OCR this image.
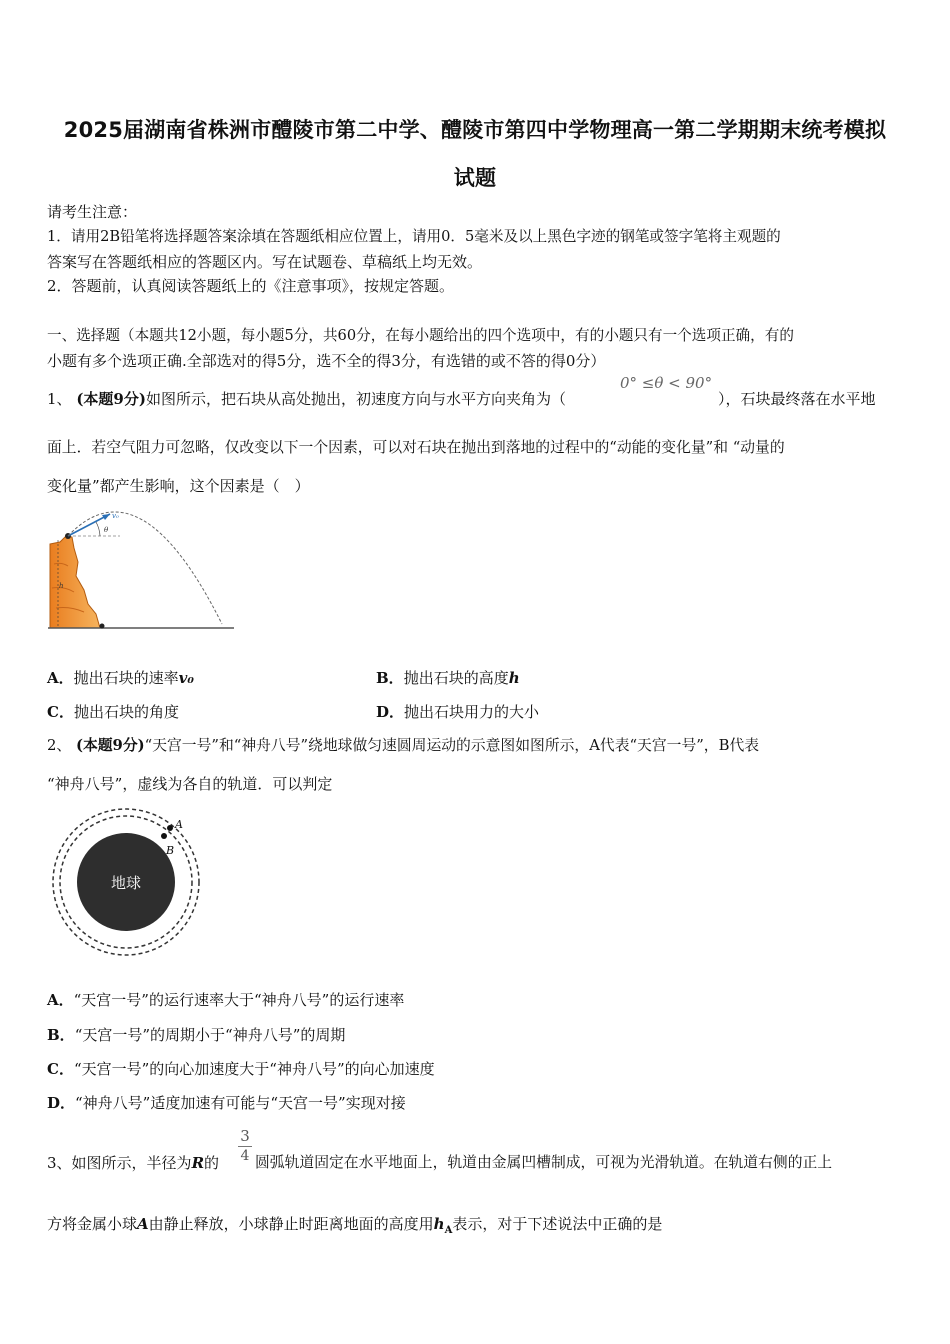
2025届湖南省株洲市醴陵市第二中学、醴陵市第四中学物理高一第二学期期末统考模拟
试题
请考生注意：
1．请用2B铅笔将选择题答案涂填在答题纸相应位置上，请用0．5毫米及以上黑色字迹的钢笔或签字笔将主观题的
答案写在答题纸相应的答题区内。写在试题卷、草稿纸上均无效。
2．答题前，认真阅读答题纸上的《注意事项》，按规定答题。
一、选择题（本题共12小题，每小题5分，共60分，在每小题给出的四个选项中，有的小题只有一个选项正确，有的
小题有多个选项正确.全部选对的得5分，选不全的得3分，有选错的或不答的得0分）
1、 (本题9分)如图所示，把石块从高处抛出，初速度方向与水平方向夹角为（
0° ≤θ < 90°
），石块最终落在水平地
面上．若空气阻力可忽略，仅改变以下一个因素，可以对石块在抛出到落地的过程中的“动能的变化量”和 “动量的
变化量”都产生影响，这个因素是（　）
v₀
θ
h
A．抛出石块的速率v₀	B．抛出石块的高度h
C．抛出石块的角度	D．抛出石块用力的大小
2、 (本题9分)“天宫一号”和“神舟八号”绕地球做匀速圆周运动的示意图如图所示，A代表“天宫一号”，B代表
“神舟八号”，虚线为各自的轨道．可以判定
A
B
地球
A．“天宫一号”的运行速率大于“神舟八号”的运行速率
B．“天宫一号”的周期小于“神舟八号”的周期
C．“天宫一号”的向心加速度大于“神舟八号”的向心加速度
D．“神舟八号”适度加速有可能与“天宫一号”实现对接
3、如图所示，半径为R的 $\frac{3}{4}$ 圆弧轨道固定在水平地面上，轨道由金属凹槽制成，可视为光滑轨道。在轨道右侧的正上
方将金属小球A由静止释放，小球静止时距离地面的高度用$h_A$表示，对于下述说法中正确的是
